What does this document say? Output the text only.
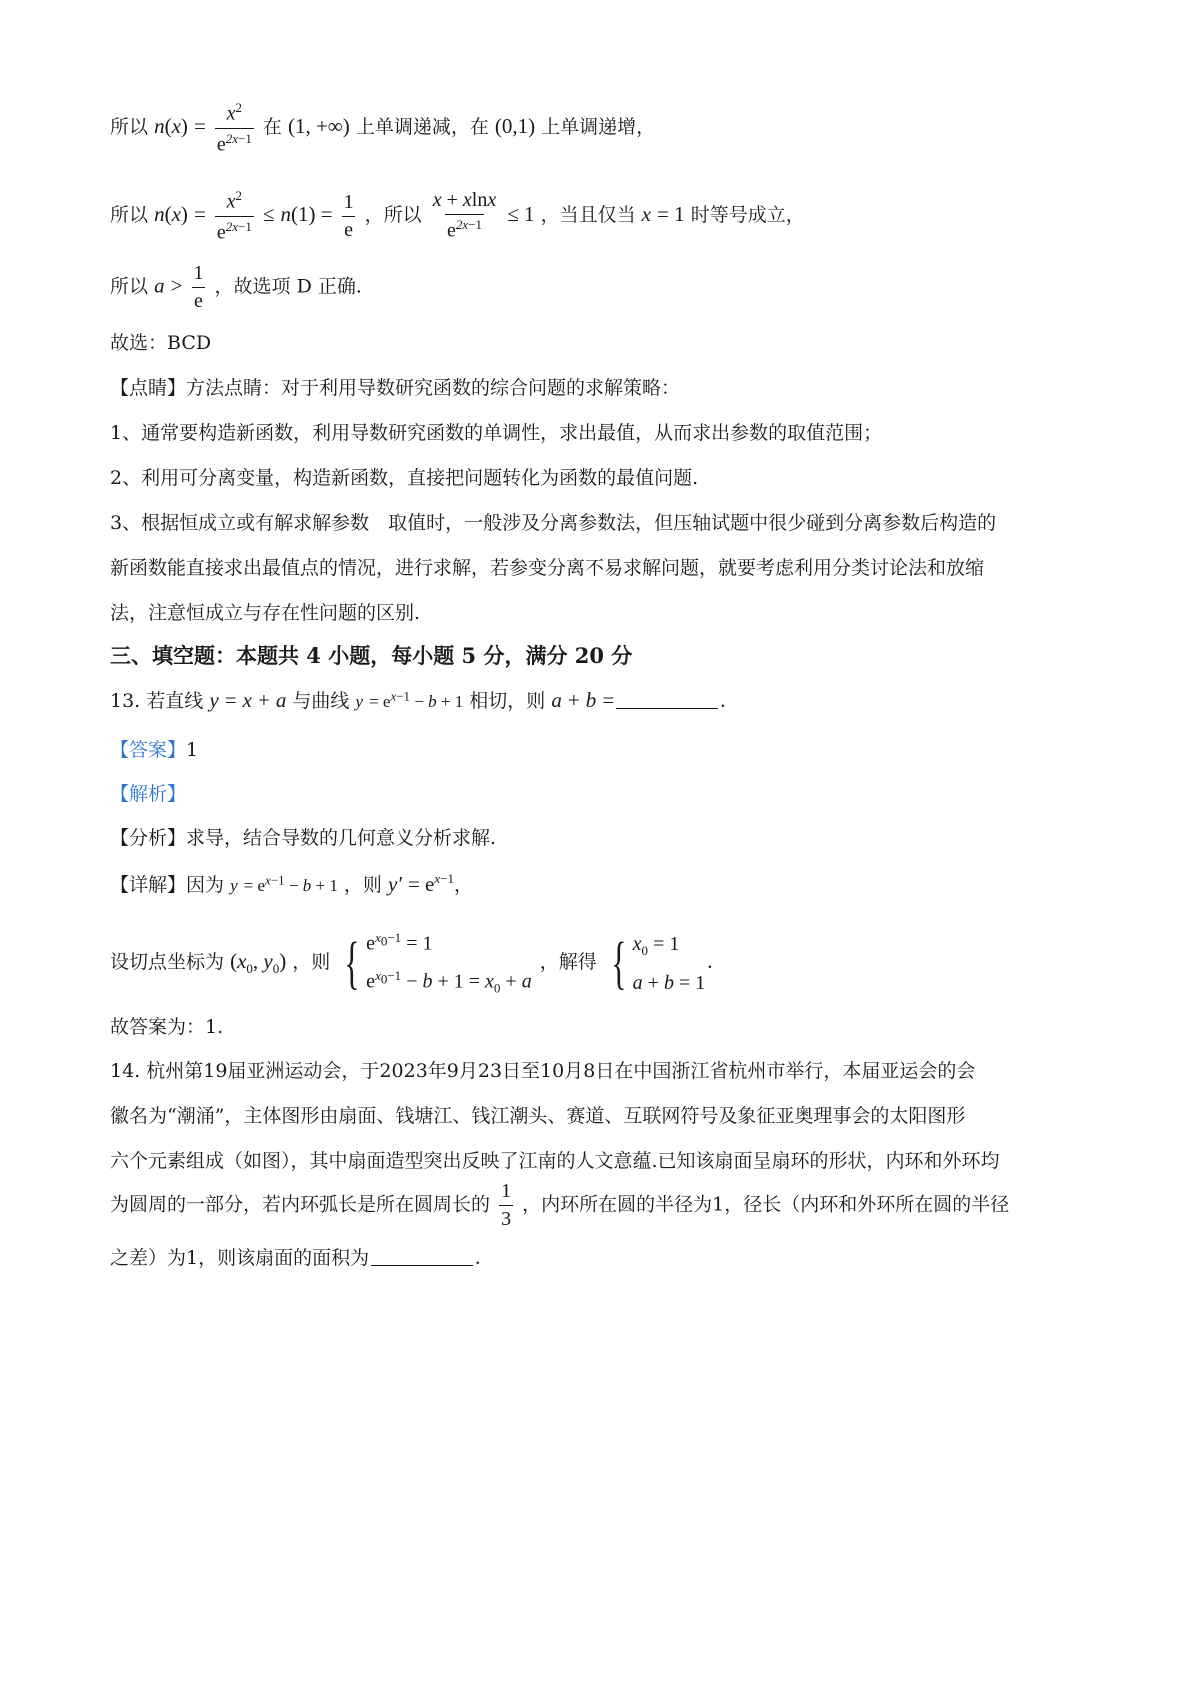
所以 $n(x) = \frac{x^2}{e^{2x-1}}$ 在 (1, +∞) 上单调递减，在 (0,1) 上单调递增，
所以 $n(x) = \frac{x^2}{e^{2x-1}} \le n(1) = \frac{1}{e}$ ，所以 $\frac{x + xlnx}{e^{2x-1}} \le 1$ ，当且仅当 x = 1 时等号成立，
所以 $a > \frac{1}{e}$ ，故选项 D 正确.
故选：BCD
【点睛】方法点睛：对于利用导数研究函数的综合问题的求解策略：
1、通常要构造新函数，利用导数研究函数的单调性，求出最值，从而求出参数的取值范围；
2、利用可分离变量，构造新函数，直接把问题转化为函数的最值问题.
3、根据恒成立或有解求解参数　取值时，一般涉及分离参数法，但压轴试题中很少碰到分离参数后构造的
新函数能直接求出最值点的情况，进行求解，若参变分离不易求解问题，就要考虑利用分类讨论法和放缩
法，注意恒成立与存在性问题的区别.
三、填空题：本题共 4 小题，每小题 5 分，满分 20 分
13. 若直线 y = x + a 与曲线 $y = e^{x-1} - b + 1$ 相切，则 a + b =	.
【答案】1
【解析】
【分析】求导，结合导数的几何意义分析求解.
【详解】因为 $y = e^{x-1} - b + 1$ ，则 $y' = e^{x-1}$，
设切点坐标为 ($x_0$, $y_0$) ，则 { $e^{x_0-1} = 1$
$e^{x_0-1} - b + 1 = x_0 + a$
，解得 { $x_0 = 1$
a + b = 1
.
故答案为：1.
14. 杭州第19届亚洲运动会，于2023年9月23日至10月8日在中国浙江省杭州市举行，本届亚运会的会
徽名为“潮涌”，主体图形由扇面、钱塘江、钱江潮头、赛道、互联网符号及象征亚奥理事会的太阳图形
六个元素组成（如图），其中扇面造型突出反映了江南的人文意蕴.已知该扇面呈扇环的形状，内环和外环均
为圆周的一部分，若内环弧长是所在圆周长的 $\frac{1}{3}$ ，内环所在圆的半径为1，径长（内环和外环所在圆的半径
之差）为1，则该扇面的面积为	.
